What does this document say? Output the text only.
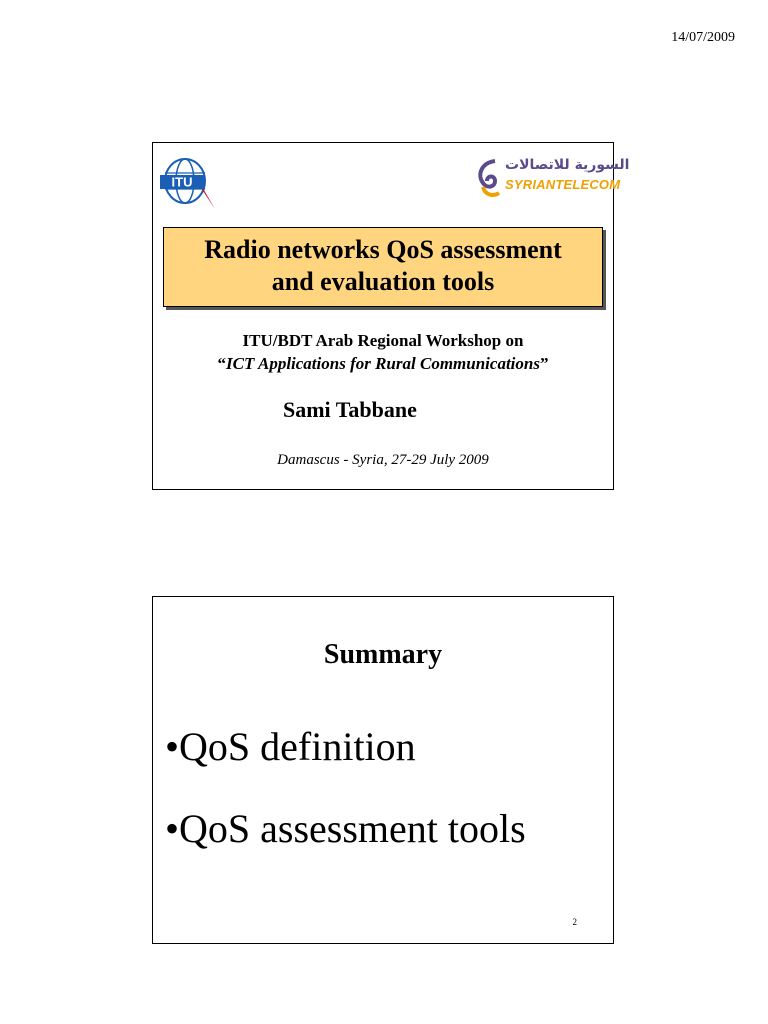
14/07/2009
ITU
السورية للاتصالات
SYRIANTELECOM
Radio networks QoS assessment
and evaluation tools
ITU/BDT Arab Regional Workshop on
“ICT Applications for Rural Communications”
Sami Tabbane
Damascus - Syria, 27-29 July 2009
Summary
•QoS definition
•QoS assessment tools
2
